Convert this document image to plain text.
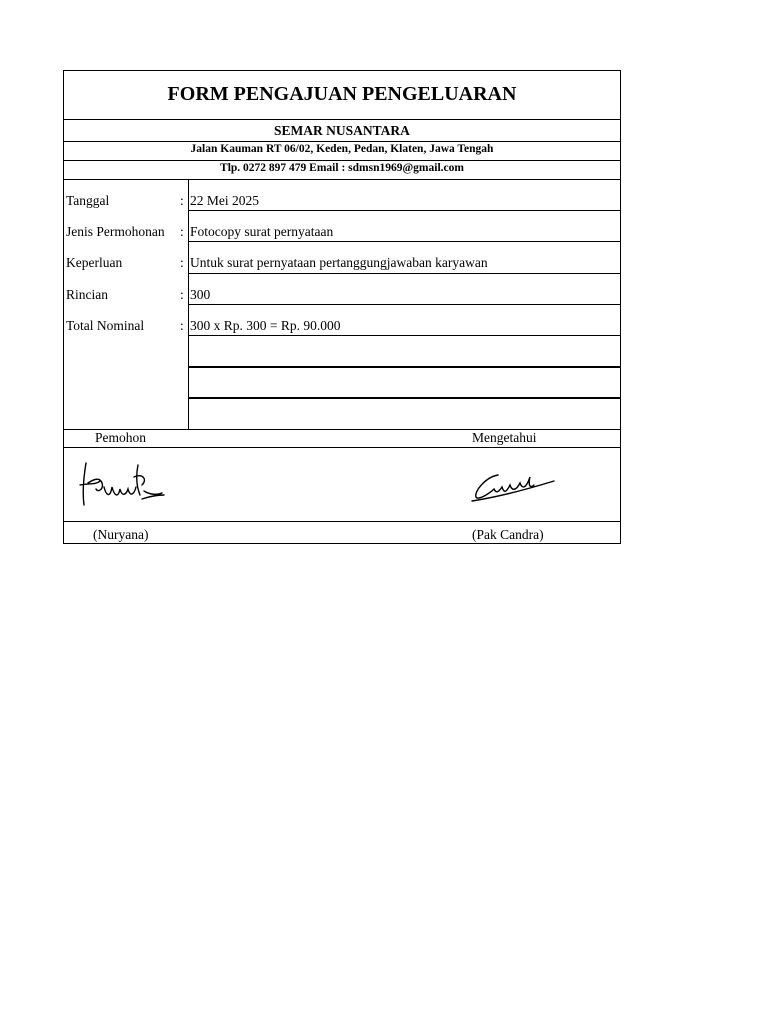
FORM PENGAJUAN PENGELUARAN
SEMAR NUSANTARA
Jalan Kauman RT 06/02, Keden, Pedan, Klaten, Jawa Tengah
Tlp. 0272 897 479 Email : sdmsn1969@gmail.com
Tanggal	: 22 Mei 2025
Jenis Permohonan : Fotocopy surat pernyataan
Keperluan	: Untuk surat pernyataan pertanggungjawaban karyawan
Rincian	: 300
Total Nominal	: 300 x Rp. 300 = Rp. 90.000
Pemohon	Mengetahui
(Nuryana)	(Pak Candra)
